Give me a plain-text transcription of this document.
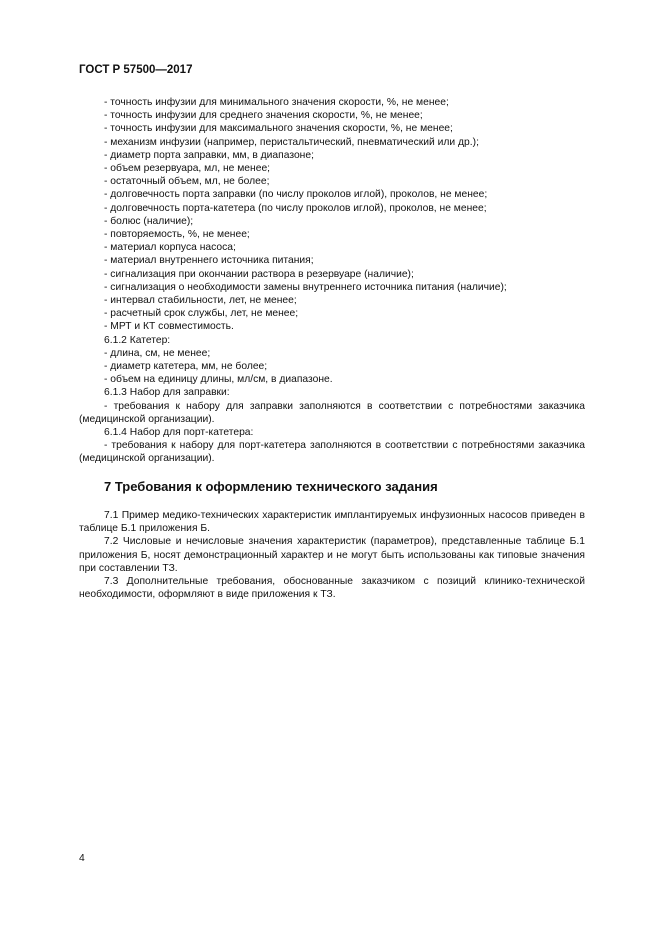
ГОСТ Р 57500—2017
- точность инфузии для минимального значения скорости, %, не менее;
- точность инфузии для среднего значения скорости, %, не менее;
- точность инфузии для максимального значения скорости, %, не менее;
- механизм инфузии (например, перистальтический, пневматический или др.);
- диаметр порта заправки, мм, в диапазоне;
- объем резервуара, мл, не менее;
- остаточный объем, мл, не более;
- долговечность порта заправки (по числу проколов иглой), проколов, не менее;
- долговечность порта-катетера (по числу проколов иглой), проколов, не менее;
- болюс (наличие);
- повторяемость, %, не менее;
- материал корпуса насоса;
- материал внутреннего источника питания;
- сигнализация при окончании раствора в резервуаре (наличие);
- сигнализация о необходимости замены внутреннего источника питания (наличие);
- интервал стабильности, лет, не менее;
- расчетный срок службы, лет, не менее;
- МРТ и КТ совместимость.
6.1.2 Катетер:
- длина, см, не менее;
- диаметр катетера, мм, не более;
- объем на единицу длины, мл/см, в диапазоне.
6.1.3 Набор для заправки:

- требования к набору для заправки заполняются в соответствии с потребностями заказчика (медицинской организации).

6.1.4 Набор для порт-катетера:

- требования к набору для порт-катетера заполняются в соответствии с потребностями заказчика (медицинской организации).

7 Требования к оформлению технического задания

7.1 Пример медико-технических характеристик имплантируемых инфузионных насосов приведен в таблице Б.1 приложения Б.

7.2 Числовые и нечисловые значения характеристик (параметров), представленные таблице Б.1 приложения Б, носят демонстрационный характер и не могут быть использованы как типовые значения при составлении ТЗ.

7.3 Дополнительные требования, обоснованные заказчиком с позиций клинико-технической необходимости, оформляют в виде приложения к ТЗ.

4
